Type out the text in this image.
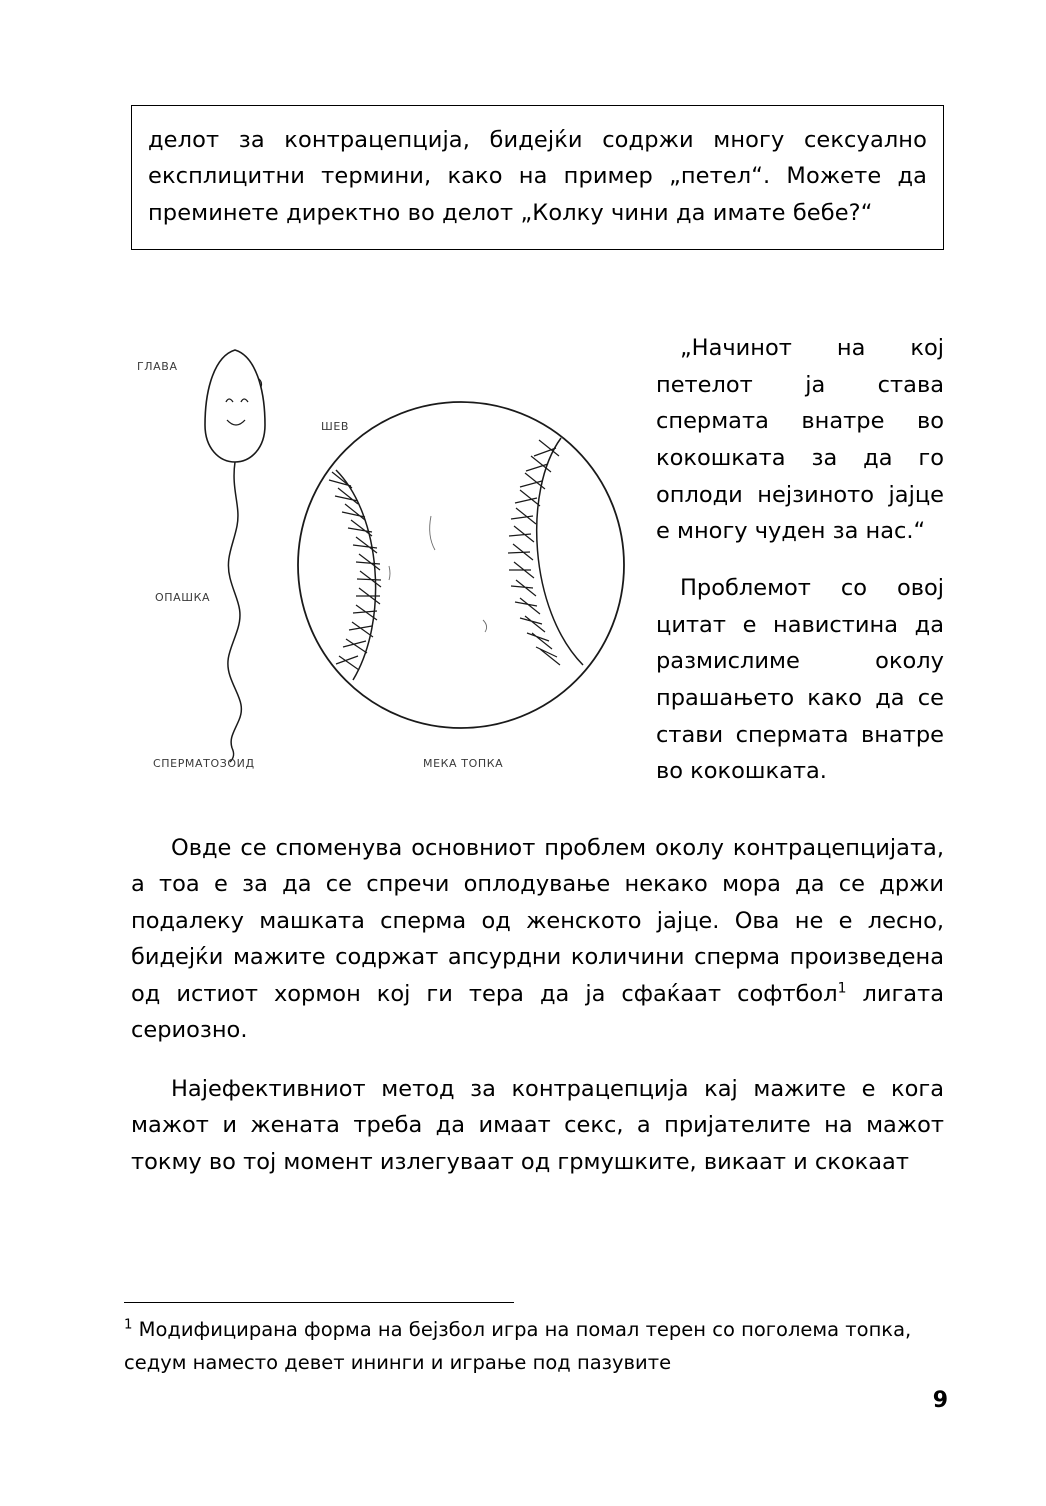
делот за контрацепција, бидејќи содржи многу сексуално експлицитни термини, како на пример „петел“. Можете да преминете директно во делот „Колку чини да имате бебе?“

ГЛАВА
ОПАШКА
СПЕРМАТОЗОИД
ШЕВ
МЕКА ТОПКА

„Начинот на кој петелот ја става спермата внатре во кокошката за да го оплоди нејзиното јајце е многу чуден за нас.“

Проблемот со овој цитат е навистина да размислиме околу прашањето како да се стави спермата внатре во кокошката.

Овде се споменува основниот проблем околу контрацепцијата, а тоа е за да се спречи оплодување некако мора да се држи подалеку машката сперма од женското јајце. Ова не е лесно, бидејќи мажите содржат апсурдни количини сперма произведена од истиот хормон кој ги тера да ја сфаќаат софтбол$^1$ лигата сериозно.

Најефективниот метод за контрацепција кај мажите е кога мажот и жената треба да имаат секс, а пријателите на мажот токму во тој момент излегуваат од грмушките, викаат и скокаат

$^1$ Модифицирана форма на бејзбол игра на помал терен со поголема топка, седум наместо девет ининги и играње под пазувите

9
